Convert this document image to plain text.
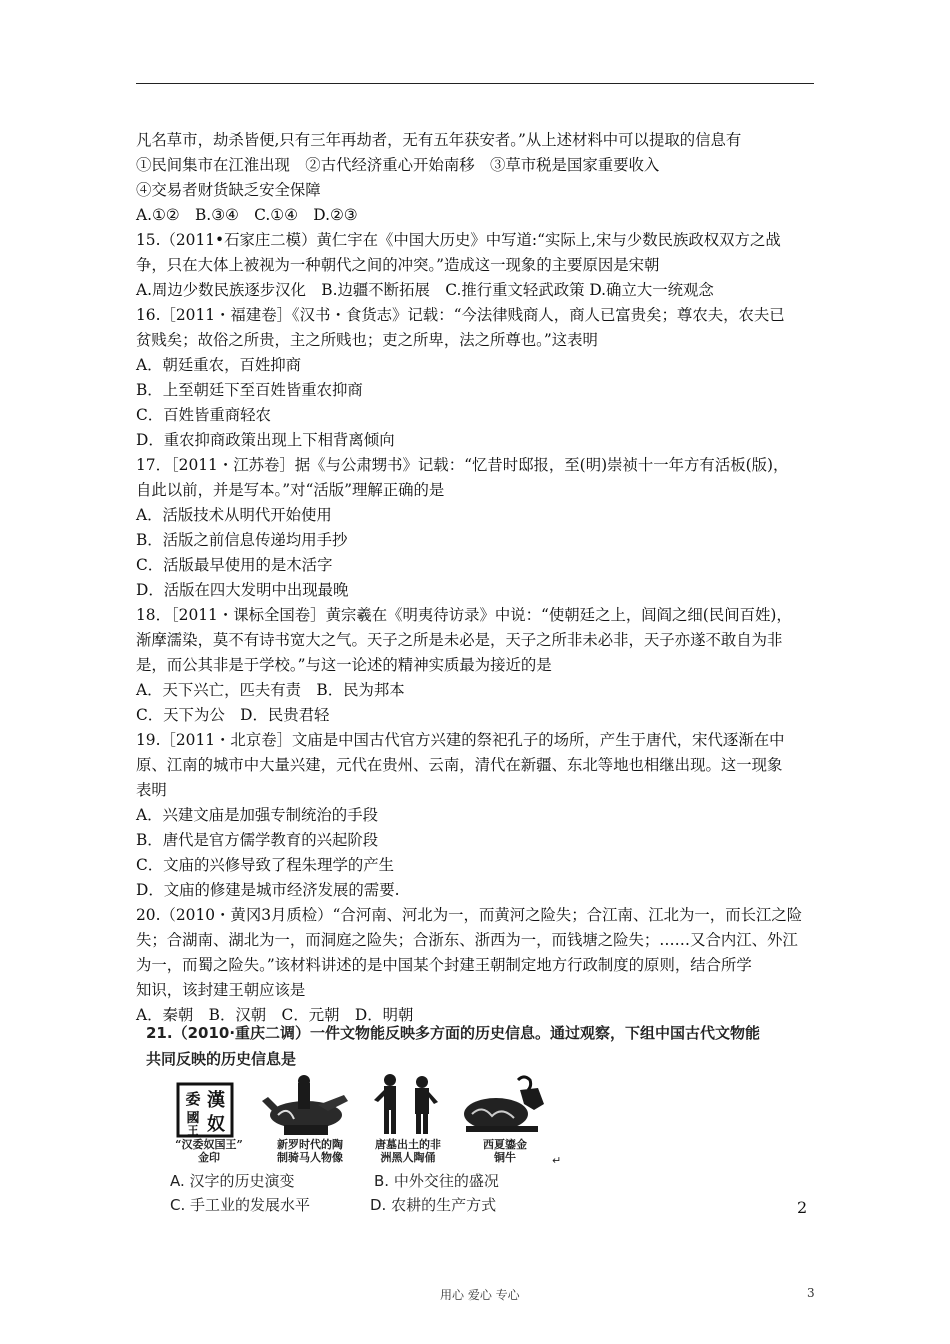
凡名草市，劫杀皆便,只有三年再劫者，无有五年获安者。”从上述材料中可以提取的信息有
①民间集市在江淮出现　②古代经济重心开始南移　③草市税是国家重要收入
④交易者财货缺乏安全保障
A.①②　B.③④　C.①④　D.②③
15.（2011•石家庄二模）黄仁宇在《中国大历史》中写道:“实际上,宋与少数民族政权双方之战
争，只在大体上被视为一种朝代之间的冲突。”造成这一现象的主要原因是宋朝
A.周边少数民族逐步汉化　B.边疆不断拓展　C.推行重文轻武政策 D.确立大一统观念
16.［2011・福建卷］《汉书・食货志》记载：“今法律贱商人，商人已富贵矣；尊农夫，农夫已
贫贱矣；故俗之所贵，主之所贱也；吏之所卑，法之所尊也。”这表明
A．朝廷重农，百姓抑商
B．上至朝廷下至百姓皆重农抑商
C．百姓皆重商轻农
D．重农抑商政策出现上下相背离倾向
17．［2011・江苏卷］据《与公肃甥书》记载：“忆昔时邸报，至(明)崇祯十一年方有活板(版)，
自此以前，并是写本。”对“活版”理解正确的是
A．活版技术从明代开始使用
B．活版之前信息传递均用手抄
C．活版最早使用的是木活字
D．活版在四大发明中出现最晚
18．［2011・课标全国卷］黄宗羲在《明夷待访录》中说：“使朝廷之上，闾阎之细(民间百姓)，
渐摩濡染，莫不有诗书宽大之气。天子之所是未必是，天子之所非未必非，天子亦遂不敢自为非
是，而公其非是于学校。”与这一论述的精神实质最为接近的是
A．天下兴亡，匹夫有责　B．民为邦本
C．天下为公　D．民贵君轻
19.［2011・北京卷］文庙是中国古代官方兴建的祭祀孔子的场所，产生于唐代，宋代逐渐在中
原、江南的城市中大量兴建，元代在贵州、云南，清代在新疆、东北等地也相继出现。这一现象
表明
A．兴建文庙是加强专制统治的手段
B．唐代是官方儒学教育的兴起阶段
C．文庙的兴修导致了程朱理学的产生
D．文庙的修建是城市经济发展的需要.
20.（2010・黄冈3月质检）“合河南、河北为一，而黄河之险失；合江南、江北为一，而长江之险
失；合湖南、湖北为一，而洞庭之险失；合浙东、浙西为一，而钱塘之险失；……又合内江、外江
为一，而蜀之险失。”该材料讲述的是中国某个封建王朝制定地方行政制度的原则，结合所学
知识，该封建王朝应该是
A．秦朝　B．汉朝　C．元朝　D．明朝
21.（2010·重庆二调）一件文物能反映多方面的历史信息。通过观察，下组中国古代文物能
共同反映的历史信息是
漢
委
奴
國
王
“汉委奴国王”
金印
新罗时代的陶
制骑马人物像
唐墓出土的非
洲黑人陶俑
西夏鎏金
铜牛	↵
A. 汉字的历史演变	B. 中外交往的盛况
C. 手工业的发展水平	D. 农耕的生产方式	2
用心 爱心 专心	3
